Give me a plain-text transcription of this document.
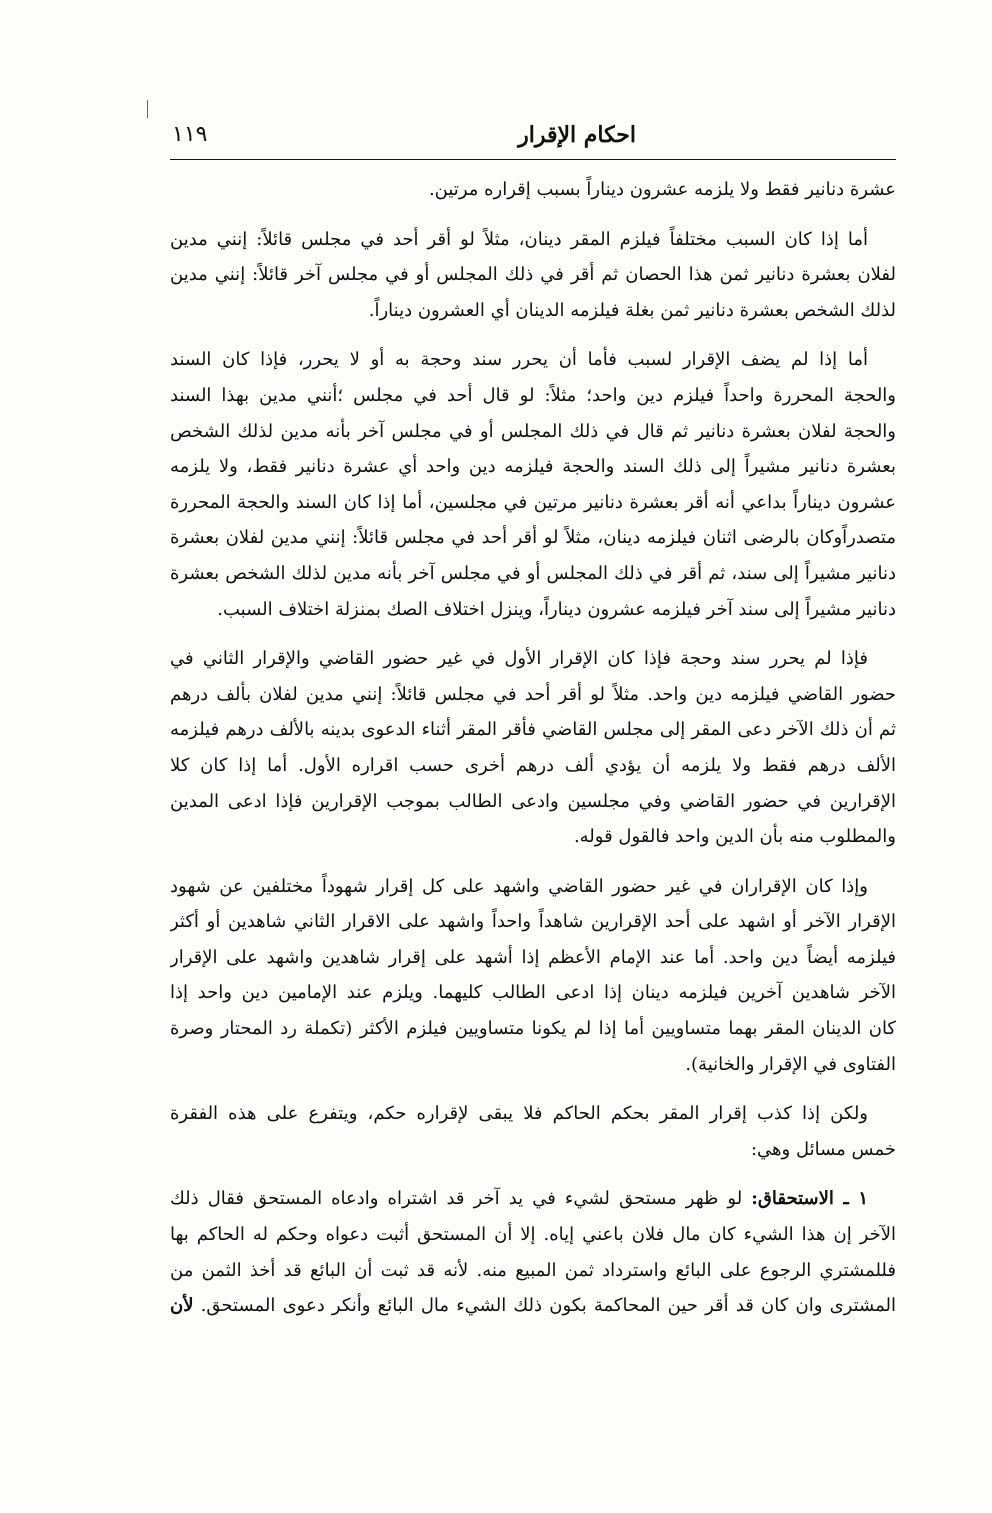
احكام الإقرار
١١٩

عشرة دنانير فقط ولا يلزمه عشرون ديناراً بسبب إقراره مرتين.

أما إذا كان السبب مختلفاً فيلزم المقر دينان، مثلاً لو أقر أحد في مجلس قائلاً: إنني مدين
لفلان بعشرة دنانير ثمن هذا الحصان ثم أقر في ذلك المجلس أو في مجلس آخر قائلاً: إنني مدين
لذلك الشخص بعشرة دنانير ثمن بغلة فيلزمه الدينان أي العشرون ديناراً.

أما إذا لم يضف الإقرار لسبب فأما أن يحرر سند وحجة به أو لا يحرر، فإذا كان السند
والحجة المحررة واحداً فيلزم دين واحد؛ مثلاً: لو قال أحد في مجلس ؛أنني مدين بهذا السند
والحجة لفلان بعشرة دنانير ثم قال في ذلك المجلس أو في مجلس آخر بأنه مدين لذلك الشخص
بعشرة دنانير مشيراً إلى ذلك السند والحجة فيلزمه دين واحد أي عشرة دنانير فقط، ولا يلزمه
عشرون ديناراً بداعي أنه أقر بعشرة دنانير مرتين في مجلسين، أما إذا كان السند والحجة المحررة
متصدراًوكان بالرضى اثنان فيلزمه دينان، مثلاً لو أقر أحد في مجلس قائلاً: إنني مدين لفلان بعشرة
دنانير مشيراً إلى سند، ثم أقر في ذلك المجلس أو في مجلس آخر بأنه مدين لذلك الشخص بعشرة
دنانير مشيراً إلى سند آخر فيلزمه عشرون ديناراً، وينزل اختلاف الصك بمنزلة اختلاف السبب.

فإذا لم يحرر سند وحجة فإذا كان الإقرار الأول في غير حضور القاضي والإقرار الثاني في
حضور القاضي فيلزمه دين واحد. مثلاً لو أقر أحد في مجلس قائلاً: إنني مدين لفلان بألف درهم
ثم أن ذلك الآخر دعى المقر إلى مجلس القاضي فأقر المقر أثناء الدعوى بدينه بالألف درهم فيلزمه
الألف درهم فقط ولا يلزمه أن يؤدي ألف درهم أخرى حسب اقراره الأول. أما إذا كان كلا
الإقرارين في حضور القاضي وفي مجلسين وادعى الطالب بموجب الإقرارين فإذا ادعى المدين
والمطلوب منه بأن الدين واحد فالقول قوله.

وإذا كان الإقراران في غير حضور القاضي واشهد على كل إقرار شهوداً مختلفين عن شهود
الإقرار الآخر أو اشهد على أحد الإقرارين شاهداً واحداً واشهد على الاقرار الثاني شاهدين أو أكثر
فيلزمه أيضاً دين واحد. أما عند الإمام الأعظم إذا أشهد على إقرار شاهدين واشهد على الإقرار
الآخر شاهدين آخرين فيلزمه دينان إذا ادعى الطالب كليهما. ويلزم عند الإمامين دين واحد إذا
كان الدينان المقر بهما متساويين أما إذا لم يكونا متساويين فيلزم الأكثر (تكملة رد المحتار وصرة
الفتاوى في الإقرار والخانية).

ولكن إذا كذب إقرار المقر بحكم الحاكم فلا يبقى لإقراره حكم، ويتفرع على هذه الفقرة
خمس مسائل وهي:

١ ـ الاستحقاق: لو ظهر مستحق لشيء في يد آخر قد اشتراه وادعاه المستحق فقال ذلك
الآخر إن هذا الشيء كان مال فلان باعني إياه. إلا أن المستحق أثبت دعواه وحكم له الحاكم بها
فللمشتري الرجوع على البائع واسترداد ثمن المبيع منه. لأنه قد ثبت أن البائع قد أخذ الثمن من
المشترى وان كان قد أقر حين المحاكمة بكون ذلك الشيء مال البائع وأنكر دعوى المستحق. لأن
